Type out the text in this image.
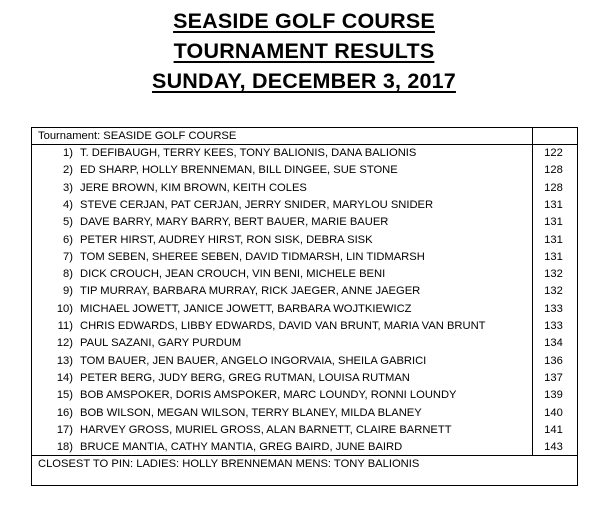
SEASIDE GOLF COURSE
TOURNAMENT RESULTS
SUNDAY, DECEMBER 3, 2017
Tournament: SEASIDE GOLF COURSE
CLOSEST TO PIN: LADIES: HOLLY BRENNEMAN MENS: TONY BALIONIS
1) T. DEFIBAUGH, TERRY KEES, TONY BALIONIS, DANA BALIONIS	122
2) ED SHARP, HOLLY BRENNEMAN, BILL DINGEE, SUE STONE	128
3) JERE BROWN, KIM BROWN, KEITH COLES	128
4) STEVE CERJAN, PAT CERJAN, JERRY SNIDER, MARYLOU SNIDER	131
5) DAVE BARRY, MARY BARRY, BERT BAUER, MARIE BAUER	131
6) PETER HIRST, AUDREY HIRST, RON SISK, DEBRA SISK	131
7) TOM SEBEN, SHEREE SEBEN, DAVID TIDMARSH, LIN TIDMARSH	131
8) DICK CROUCH, JEAN CROUCH, VIN BENI, MICHELE BENI	132
9) TIP MURRAY, BARBARA MURRAY, RICK JAEGER, ANNE JAEGER	132
10) MICHAEL JOWETT, JANICE JOWETT, BARBARA WOJTKIEWICZ	133
11) CHRIS EDWARDS, LIBBY EDWARDS, DAVID VAN BRUNT, MARIA VAN BRUNT	133
12) PAUL SAZANI, GARY PURDUM	134
13) TOM BAUER, JEN BAUER, ANGELO INGORVAIA, SHEILA GABRICI	136
14) PETER BERG, JUDY BERG, GREG RUTMAN, LOUISA RUTMAN	137
15) BOB AMSPOKER, DORIS AMSPOKER, MARC LOUNDY, RONNI LOUNDY	139
16) BOB WILSON, MEGAN WILSON, TERRY BLANEY, MILDA BLANEY	140
17) HARVEY GROSS, MURIEL GROSS, ALAN BARNETT, CLAIRE BARNETT	141
18) BRUCE MANTIA, CATHY MANTIA, GREG BAIRD, JUNE BAIRD	143
